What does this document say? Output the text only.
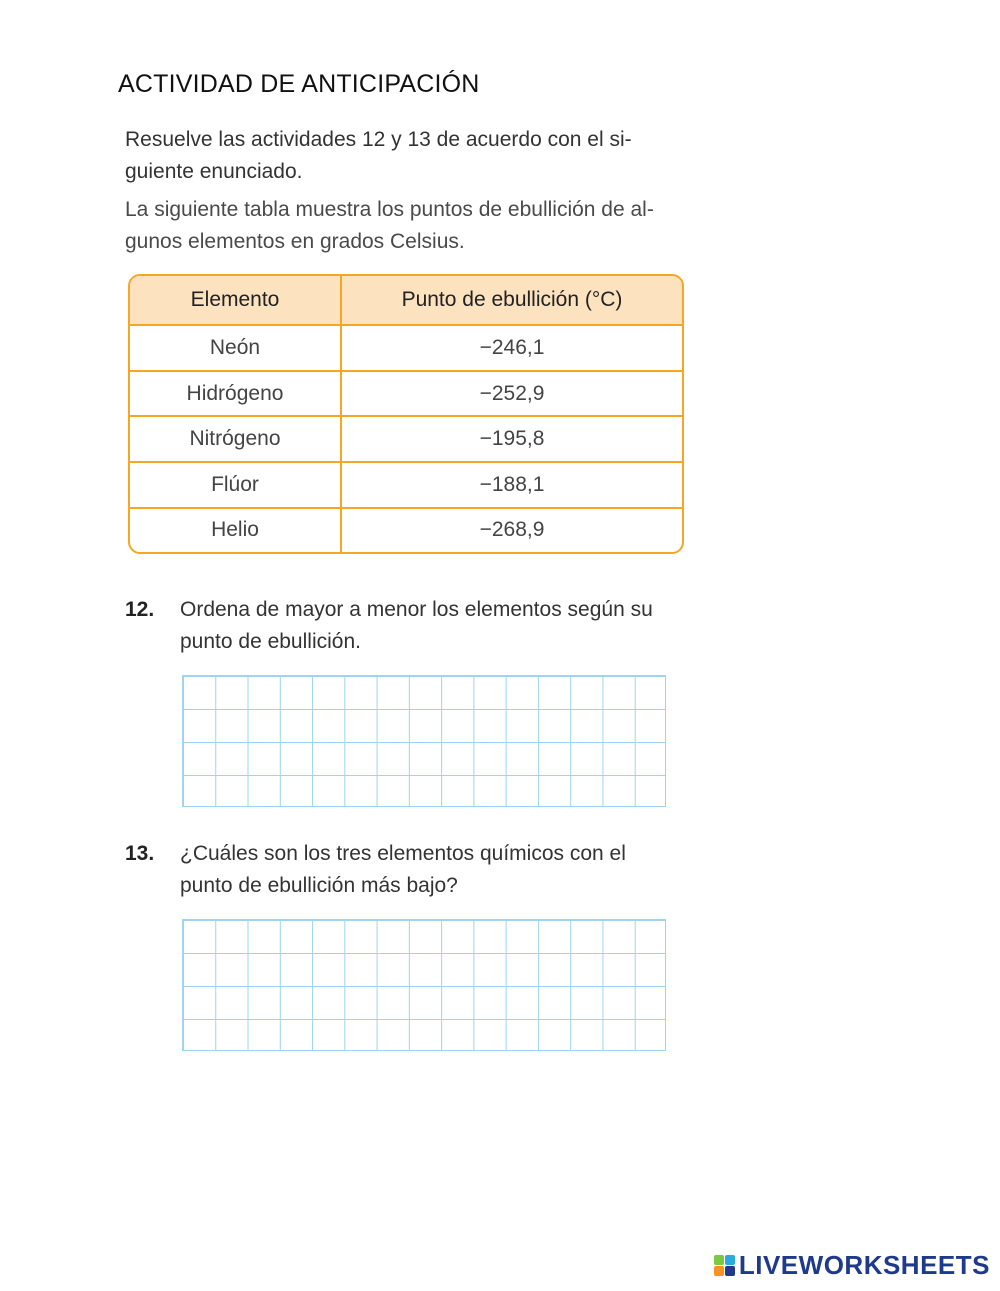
ACTIVIDAD DE ANTICIPACIÓN
Resuelve las actividades 12 y 13 de acuerdo con el si-
guiente enunciado.
La siguiente tabla muestra los puntos de ebullición de al-
gunos elementos en grados Celsius.
Elemento	Punto de ebullición (°C)
Neón	−246,1
Hidrógeno	−252,9
Nitrógeno	−195,8
Flúor	−188,1
Helio	−268,9
12. Ordena de mayor a menor los elementos según su
punto de ebullición.
13. ¿Cuáles son los tres elementos químicos con el
punto de ebullición más bajo?
LIVEWORKSHEETS
